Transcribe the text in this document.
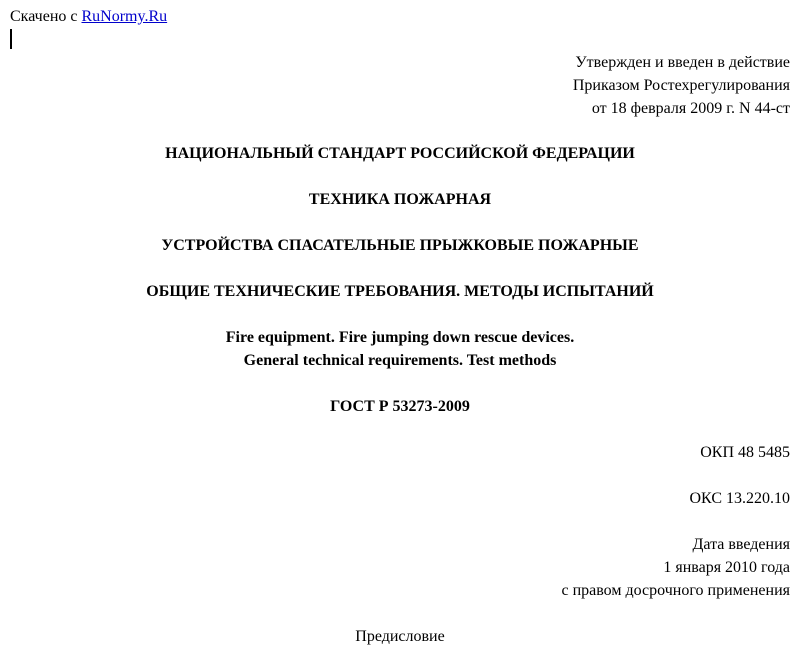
Скачено с RuNormy.Ru
Утвержден и введен в действие
Приказом Ростехрегулирования
от 18 февраля 2009 г. N 44-ст
НАЦИОНАЛЬНЫЙ СТАНДАРТ РОССИЙСКОЙ ФЕДЕРАЦИИ
ТЕХНИКА ПОЖАРНАЯ
УСТРОЙСТВА СПАСАТЕЛЬНЫЕ ПРЫЖКОВЫЕ ПОЖАРНЫЕ
ОБЩИЕ ТЕХНИЧЕСКИЕ ТРЕБОВАНИЯ. МЕТОДЫ ИСПЫТАНИЙ
Fire equipment. Fire jumping down rescue devices.
General technical requirements. Test methods
ГОСТ Р 53273-2009
ОКП 48 5485
ОКС 13.220.10
Дата введения
1 января 2010 года
с правом досрочного применения
Предисловие
